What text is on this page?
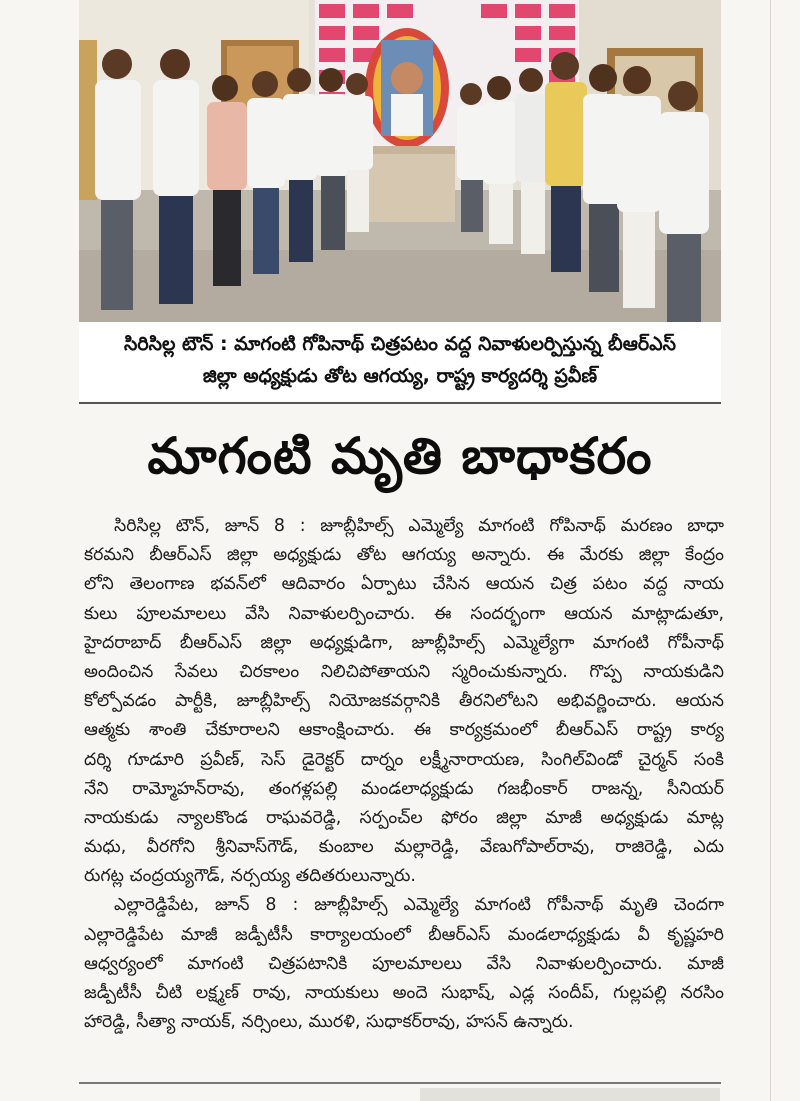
సిరిసిల్ల టౌన్ : మాగంటి గోపినాథ్ చిత్రపటం వద్ద నివాళులర్పిస్తున్న బీఆర్ఎస్
జిల్లా అధ్యక్షుడు తోట ఆగయ్య, రాష్ట్ర కార్యదర్శి ప్రవీణ్
మాగంటి మృతి బాధాకరం
సిరిసిల్ల టౌన్, జూన్ 8 : జూబ్లీహిల్స్ ఎమ్మెల్యే మాగంటి గోపినాథ్ మరణం బాధా
కరమని బీఆర్ఎస్ జిల్లా అధ్యక్షుడు తోట ఆగయ్య అన్నారు. ఈ మేరకు జిల్లా కేంద్రం
లోని తెలంగాణ భవన్‌లో ఆదివారం ఏర్పాటు చేసిన ఆయన చిత్ర పటం వద్ద నాయ
కులు పూలమాలలు వేసి నివాళులర్పించారు. ఈ సందర్భంగా ఆయన మాట్లాడుతూ,
హైదరాబాద్ బీఆర్ఎస్ జిల్లా అధ్యక్షుడిగా, జూబ్లీహిల్స్ ఎమ్మెల్యేగా మాగంటి గోపీనాథ్
అందించిన సేవలు చిరకాలం నిలిచిపోతాయని స్మరించుకున్నారు. గొప్ప నాయకుడిని
కోల్పోవడం పార్టీకి, జూబ్లీహిల్స్ నియోజకవర్గానికి తీరనిలోటని అభివర్ణించారు. ఆయన
ఆత్మకు శాంతి చేకూరాలని ఆకాంక్షించారు. ఈ కార్యక్రమంలో బీఆర్ఎస్ రాష్ట్ర కార్య
దర్శి గూడూరి ప్రవీణ్, సెస్ డైరెక్టర్ దార్నం లక్ష్మీనారాయణ, సింగిల్‌విండో చైర్మన్ సంకి
నేని రామ్మోహన్‌రావు, తంగళ్లపల్లి మండలాధ్యక్షుడు గజభీంకార్ రాజన్న, సీనియర్
నాయకుడు న్యాలకొండ రాఘవరెడ్డి, సర్పంచ్‌ల ఫోరం జిల్లా మాజీ అధ్యక్షుడు మాట్ల
మధు, వీరగోని శ్రీనివాస్‌గౌడ్, కుంబాల మల్లారెడ్డి, వేణుగోపాల్‌రావు, రాజిరెడ్డి, ఎదు
రుగట్ల చంద్రయ్యగౌడ్, నర్సయ్య తదితరులున్నారు.
ఎల్లారెడ్డిపేట, జూన్ 8 : జూబ్లీహిల్స్ ఎమ్మెల్యే మాగంటి గోపీనాథ్ మృతి చెందగా
ఎల్లారెడ్డిపేట మాజీ జడ్పీటీసీ కార్యాలయంలో బీఆర్ఎస్ మండలాధ్యక్షుడు వీ కృష్ణహరి
ఆధ్వర్యంలో మాగంటి చిత్రపటానికి పూలమాలలు వేసి నివాళులర్పించారు. మాజీ
జడ్పీటీసీ చీటి లక్ష్మణ్ రావు, నాయకులు అందె సుభాష్, ఎడ్ల సందీప్, గుల్లపల్లి నరసిం
హారెడ్డి, సీత్యా నాయక్, నర్సింలు, మురళి, సుధాకర్‌రావు, హసన్ ఉన్నారు.
